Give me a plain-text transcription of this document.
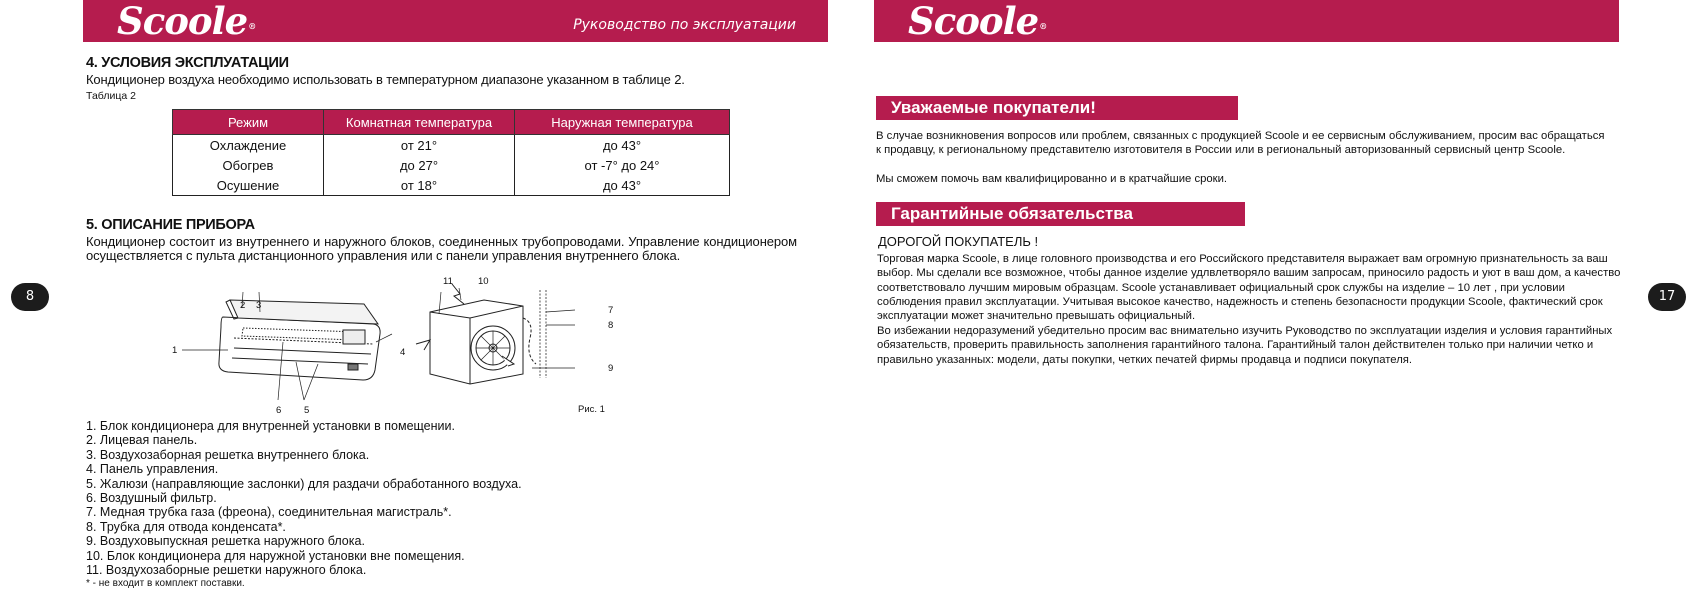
Scoole®	Руководство по эксплуатации
8
4. УСЛОВИЯ ЭКСПЛУАТАЦИИ
Кондиционер воздуха необходимо использовать в температурном диапазоне указанном в таблице 2.
Таблица 2
Режим	Комнатная температура	Наружная температура
Охлаждение	от 21°	до 43°
Обогрев	до 27°	от -7° до 24°
Осушение	от 18°	до 43°
5. ОПИСАНИЕ ПРИБОРА
Кондиционер состоит из внутреннего и наружного блоков, соединенных трубопроводами. Управление кондиционером осуществляется с пульта дистанционного управления или с панели управления внутреннего блока.
1
2 3
4
5
6
7
8
9
10
11
Рис. 1
1. Блок кондиционера для внутренней установки в помещении.
2. Лицевая панель.
3. Воздухозаборная решетка внутреннего блока.
4. Панель управления.
5. Жалюзи (направляющие заслонки) для раздачи обработанного воздуха.
6. Воздушный фильтр.
7. Медная трубка газа (фреона), соединительная магистраль*.
8. Трубка для отвода конденсата*.
9. Воздуховыпускная решетка наружного блока.
10. Блок кондиционера для наружной установки вне помещения.
11. Воздухозаборные решетки наружного блока.
* - не входит в комплект поставки.
Scoole®
17
Уважаемые покупатели!
В случае возникновения вопросов или проблем, связанных с продукцией Scoole и ее сервисным обслуживанием, просим вас обращаться к продавцу, к региональному представителю изготовителя в России или в региональный авторизованный сервисный центр Scoole.
Мы сможем помочь вам квалифицированно и в кратчайшие сроки.
Гарантийные обязательства
ДОРОГОЙ ПОКУПАТЕЛЬ !
Торговая марка Scoole, в лице головного производства и его Российского представителя выражает вам огромную признательность за ваш выбор. Мы сделали все возможное, чтобы данное изделие удлвлетворяло вашим запросам, приносило радость и уют в ваш дом, а качество соответствовало лучшим мировым образцам. Scoole устанавливает официальный срок службы на изделие – 10 лет , при условии соблюдения правил эксплуатации. Учитывая высокое качество, надежность и степень безопасности продукции Scoole, фактический срок эксплуатации может значительно превышать официальный.
Во избежании недоразумений убедительно просим вас внимательно изучить Руководство по эксплуатации изделия и условия гарантийных обязательств, проверить правильность заполнения гарантийного талона. Гарантийный талон действителен только при наличии четко и правильно указанных: модели, даты покупки, четких печатей фирмы продавца и подписи покупателя.
